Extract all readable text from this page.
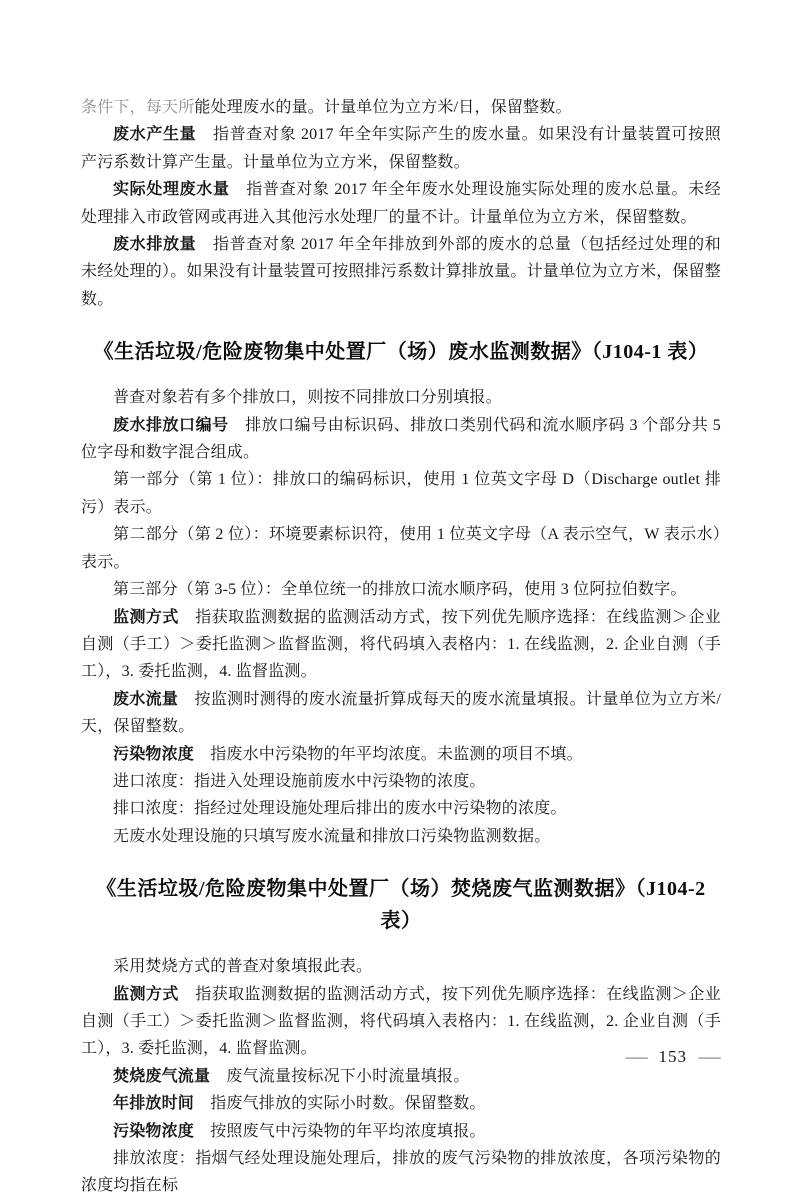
条件下，每天所能处理废水的量。计量单位为立方米/日，保留整数。

废水产生量　指普查对象 2017 年全年实际产生的废水量。如果没有计量装置可按照产污系数计算产生量。计量单位为立方米，保留整数。

实际处理废水量　指普查对象 2017 年全年废水处理设施实际处理的废水总量。未经处理排入市政管网或再进入其他污水处理厂的量不计。计量单位为立方米，保留整数。

废水排放量　指普查对象 2017 年全年排放到外部的废水的总量（包括经过处理的和未经处理的）。如果没有计量装置可按照排污系数计算排放量。计量单位为立方米，保留整数。

《生活垃圾/危险废物集中处置厂（场）废水监测数据》（J104-1 表）

普查对象若有多个排放口，则按不同排放口分别填报。

废水排放口编号　排放口编号由标识码、排放口类别代码和流水顺序码 3 个部分共 5 位字母和数字混合组成。

第一部分（第 1 位）：排放口的编码标识，使用 1 位英文字母 D（Discharge outlet 排污）表示。

第二部分（第 2 位）：环境要素标识符，使用 1 位英文字母（A 表示空气，W 表示水）表示。

第三部分（第 3-5 位）：全单位统一的排放口流水顺序码，使用 3 位阿拉伯数字。

监测方式　指获取监测数据的监测活动方式，按下列优先顺序选择：在线监测＞企业自测（手工）＞委托监测＞监督监测，将代码填入表格内：1. 在线监测，2. 企业自测（手工），3. 委托监测，4. 监督监测。

废水流量　按监测时测得的废水流量折算成每天的废水流量填报。计量单位为立方米/天，保留整数。

污染物浓度　指废水中污染物的年平均浓度。未监测的项目不填。

进口浓度：指进入处理设施前废水中污染物的浓度。

排口浓度：指经过处理设施处理后排出的废水中污染物的浓度。

无废水处理设施的只填写废水流量和排放口污染物监测数据。

《生活垃圾/危险废物集中处置厂（场）焚烧废气监测数据》（J104-2 表）

采用焚烧方式的普查对象填报此表。

监测方式　指获取监测数据的监测活动方式，按下列优先顺序选择：在线监测＞企业自测（手工）＞委托监测＞监督监测，将代码填入表格内：1. 在线监测，2. 企业自测（手工），3. 委托监测，4. 监督监测。

焚烧废气流量　废气流量按标况下小时流量填报。

年排放时间　指废气排放的实际小时数。保留整数。

污染物浓度　按照废气中污染物的年平均浓度填报。

排放浓度：指烟气经处理设施处理后，排放的废气污染物的排放浓度，各项污染物的浓度均指在标

— 153 —
